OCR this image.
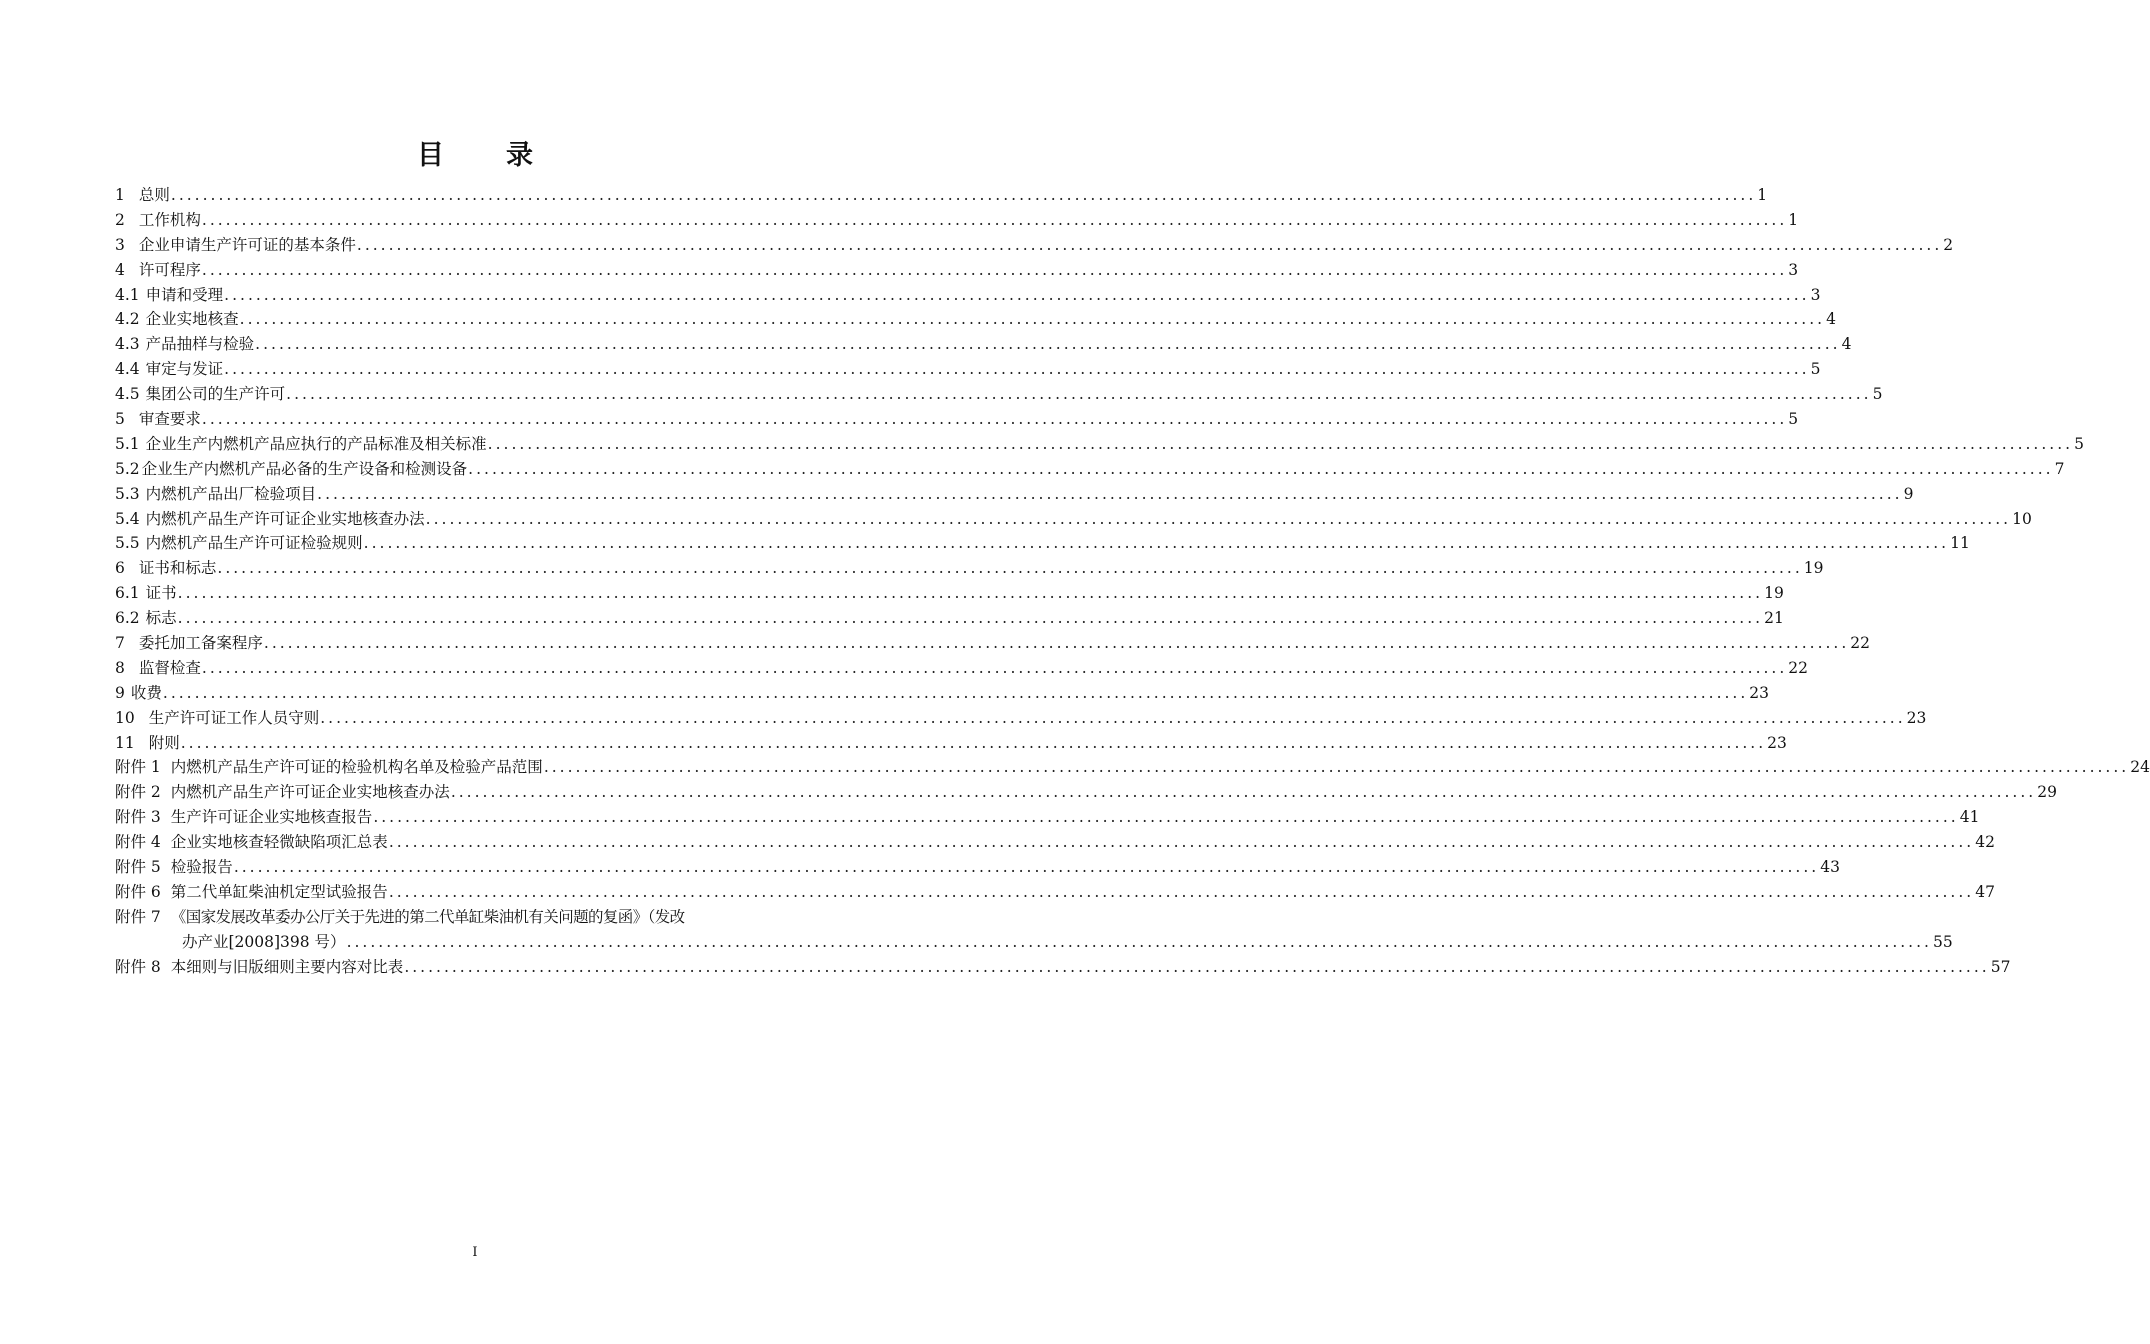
目 录
1 总则 ........................................................................................................................................................................................................ 1
2 工作机构 ........................................................................................................................................................................................................ 1
3 企业申请生产许可证的基本条件 ........................................................................................................................................................................................................ 2
4 许可程序 ........................................................................................................................................................................................................ 3
4.1 申请和受理 ........................................................................................................................................................................................................ 3
4.2 企业实地核查 ........................................................................................................................................................................................................ 4
4.3 产品抽样与检验 ........................................................................................................................................................................................................ 4
4.4 审定与发证 ........................................................................................................................................................................................................ 5
4.5 集团公司的生产许可 ........................................................................................................................................................................................................ 5
5 审查要求 ........................................................................................................................................................................................................ 5
5.1 企业生产内燃机产品应执行的产品标准及相关标准 ........................................................................................................................................................................................................ 5
5.2 企业生产内燃机产品必备的生产设备和检测设备 ........................................................................................................................................................................................................ 7
5.3 内燃机产品出厂检验项目 ........................................................................................................................................................................................................ 9
5.4 内燃机产品生产许可证企业实地核查办法 ........................................................................................................................................................................................................ 10
5.5 内燃机产品生产许可证检验规则 ........................................................................................................................................................................................................ 11
6 证书和标志 ........................................................................................................................................................................................................ 19
6.1 证书 ........................................................................................................................................................................................................ 19
6.2 标志 ........................................................................................................................................................................................................ 21
7 委托加工备案程序 ........................................................................................................................................................................................................ 22
8 监督检查 ........................................................................................................................................................................................................ 22
9 收费 ........................................................................................................................................................................................................ 23
10 生产许可证工作人员守则 ........................................................................................................................................................................................................ 23
11 附则 ........................................................................................................................................................................................................ 23
附件 1 内燃机产品生产许可证的检验机构名单及检验产品范围 ........................................................................................................................................................................................................ 24
附件 2 内燃机产品生产许可证企业实地核查办法 ........................................................................................................................................................................................................ 29
附件 3 生产许可证企业实地核查报告 ........................................................................................................................................................................................................ 41
附件 4 企业实地核查轻微缺陷项汇总表 ........................................................................................................................................................................................................ 42
附件 5 检验报告 ........................................................................................................................................................................................................ 43
附件 6 第二代单缸柴油机定型试验报告 ........................................................................................................................................................................................................ 47
附件 7 《国家发展改革委办公厅关于先进的第二代单缸柴油机有关问题的复函》（发改
办产业[2008]398 号） ........................................................................................................................................................................................................ 55
附件 8 本细则与旧版细则主要内容对比表 ........................................................................................................................................................................................................ 57
I
